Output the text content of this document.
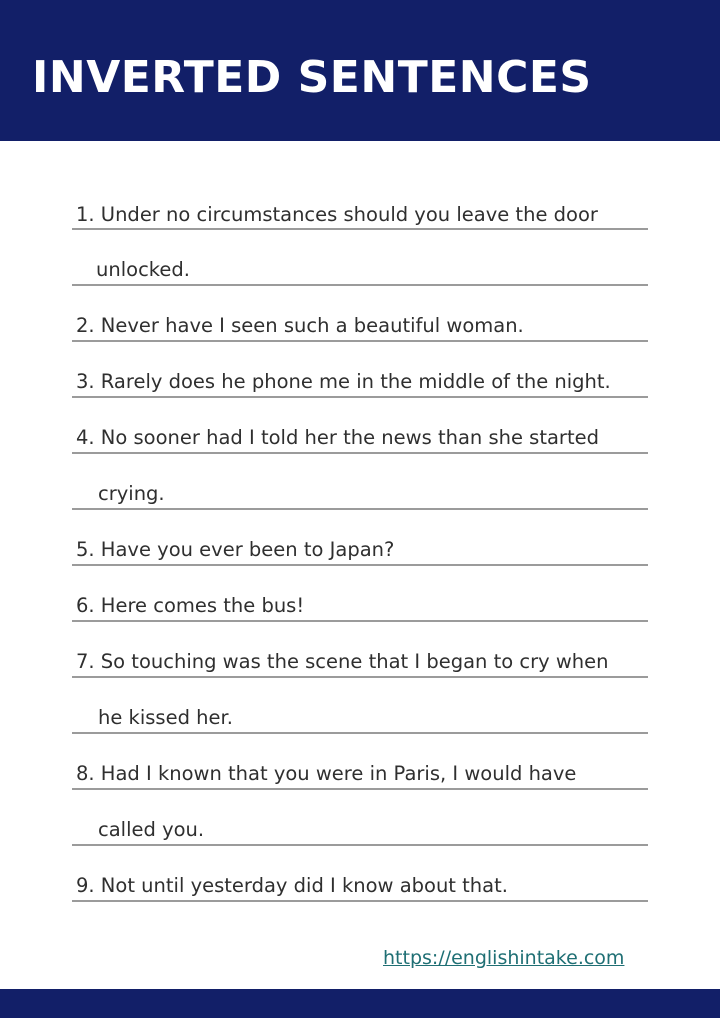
INVERTED SENTENCES
1. Under no circumstances should you leave the door
unlocked.
2. Never have I seen such a beautiful woman.
3. Rarely does he phone me in the middle of the night.
4. No sooner had I told her the news than she started
crying.
5. Have you ever been to Japan?
6. Here comes the bus!
7. So touching was the scene that I began to cry when
he kissed her.
8. Had I known that you were in Paris, I would have
called you.
9. Not until yesterday did I know about that.
https://englishintake.com
